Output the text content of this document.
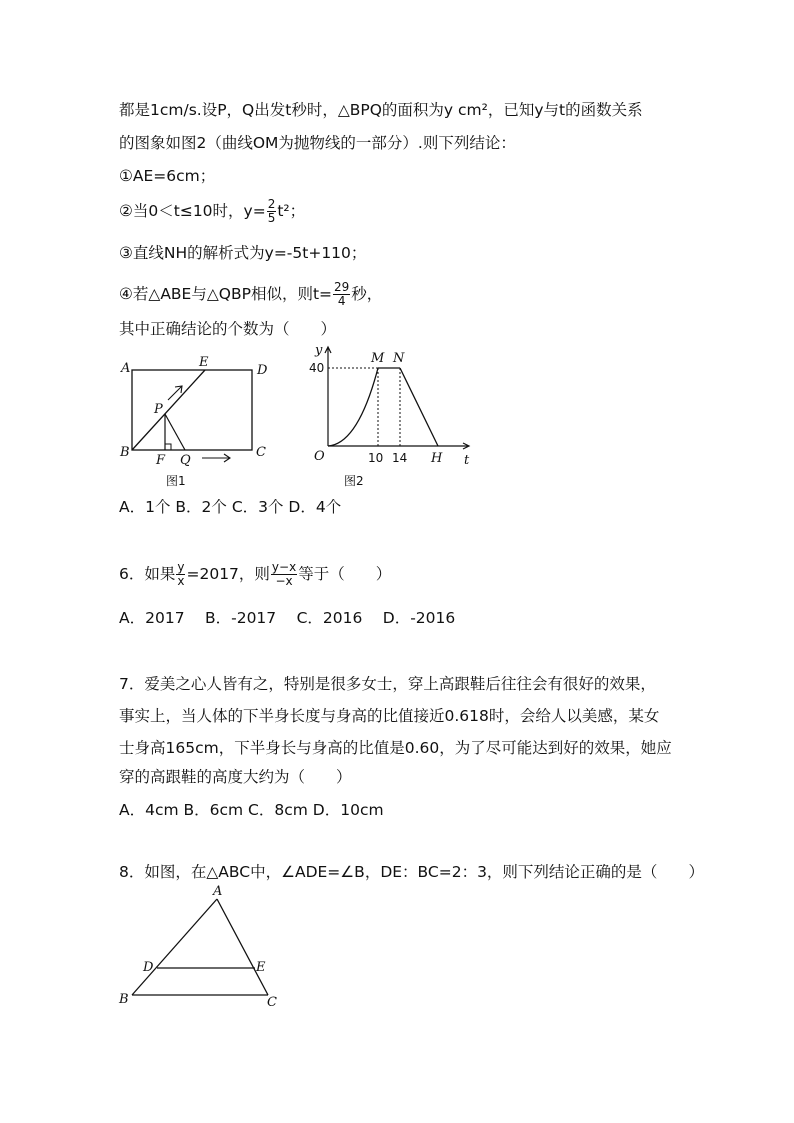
都是1cm/s.设P，Q出发t秒时，△BPQ的面积为y cm²，已知y与t的函数关系
的图象如图2（曲线OM为抛物线的一部分）.则下列结论：
①AE=6cm；
②当0＜t≤10时，$y= \frac{2}{5} t^2$；
③直线NH的解析式为y=-5t+110；
④若△ABE与△QBP相似，则$t= \frac{29}{4}$ 秒，
其中正确结论的个数为（　　）
A	E
D
P
B
F Q
C
图1
y
40
M N
O	10 14 H t
图2
A．1个 B．2个 C．3个 D．4个
6．如果 $\frac{y}{x} =2017$，则 $\frac{y-x}{-x}$ 等于（　　）
A．2017　 B．-2017　 C．2016　 D．-2016
7．爱美之心人皆有之，特别是很多女士，穿上高跟鞋后往往会有很好的效果，
事实上，当人体的下半身长度与身高的比值接近0.618时，会给人以美感，某女
士身高165cm，下半身长与身高的比值是0.60，为了尽可能达到好的效果，她应
穿的高跟鞋的高度大约为（　　）
A．4cm B．6cm C．8cm D．10cm
8．如图，在△ABC中，∠ADE=∠B，DE：BC=2：3，则下列结论正确的是（　　）
A
D	E
B	C
